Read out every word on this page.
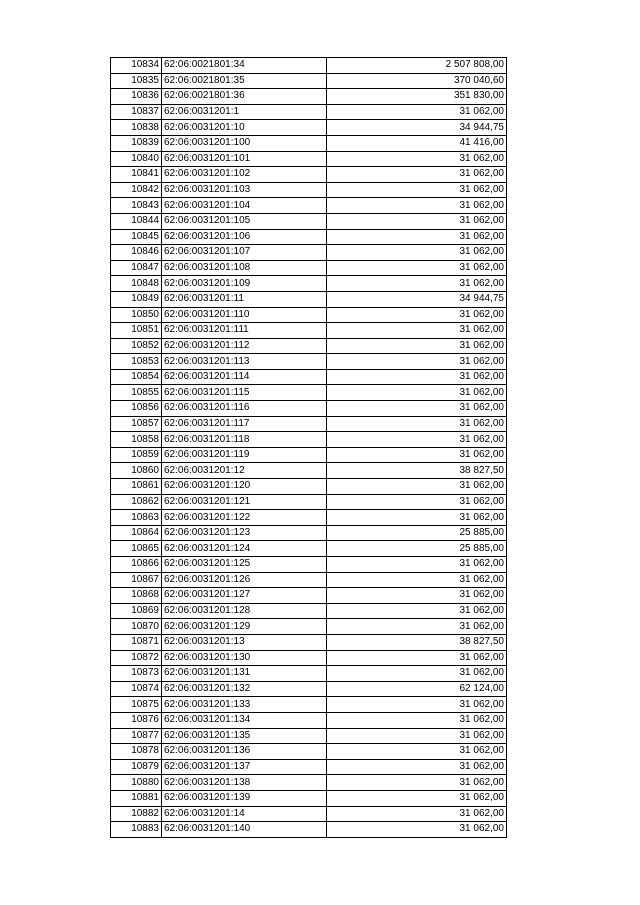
10834	62:06:0021801:34	2 507 808,00
10835	62:06:0021801:35	370 040,60
10836	62:06:0021801:36	351 830,00
10837	62:06:0031201:1	31 062,00
10838	62:06:0031201:10	34 944,75
10839	62:06:0031201:100	41 416,00
10840	62:06:0031201:101	31 062,00
10841	62:06:0031201:102	31 062,00
10842	62:06:0031201:103	31 062,00
10843	62:06:0031201:104	31 062,00
10844	62:06:0031201:105	31 062,00
10845	62:06:0031201:106	31 062,00
10846	62:06:0031201:107	31 062,00
10847	62:06:0031201:108	31 062,00
10848	62:06:0031201:109	31 062,00
10849	62:06:0031201:11	34 944,75
10850	62:06:0031201:110	31 062,00
10851	62:06:0031201:111	31 062,00
10852	62:06:0031201:112	31 062,00
10853	62:06:0031201:113	31 062,00
10854	62:06:0031201:114	31 062,00
10855	62:06:0031201:115	31 062,00
10856	62:06:0031201:116	31 062,00
10857	62:06:0031201:117	31 062,00
10858	62:06:0031201:118	31 062,00
10859	62:06:0031201:119	31 062,00
10860	62:06:0031201:12	38 827,50
10861	62:06:0031201:120	31 062,00
10862	62:06:0031201:121	31 062,00
10863	62:06:0031201:122	31 062,00
10864	62:06:0031201:123	25 885,00
10865	62:06:0031201:124	25 885,00
10866	62:06:0031201:125	31 062,00
10867	62:06:0031201:126	31 062,00
10868	62:06:0031201:127	31 062,00
10869	62:06:0031201:128	31 062,00
10870	62:06:0031201:129	31 062,00
10871	62:06:0031201:13	38 827,50
10872	62:06:0031201:130	31 062,00
10873	62:06:0031201:131	31 062,00
10874	62:06:0031201:132	62 124,00
10875	62:06:0031201:133	31 062,00
10876	62:06:0031201:134	31 062,00
10877	62:06:0031201:135	31 062,00
10878	62:06:0031201:136	31 062,00
10879	62:06:0031201:137	31 062,00
10880	62:06:0031201:138	31 062,00
10881	62:06:0031201:139	31 062,00
10882	62:06:0031201:14	31 062,00
10883	62:06:0031201:140	31 062,00
